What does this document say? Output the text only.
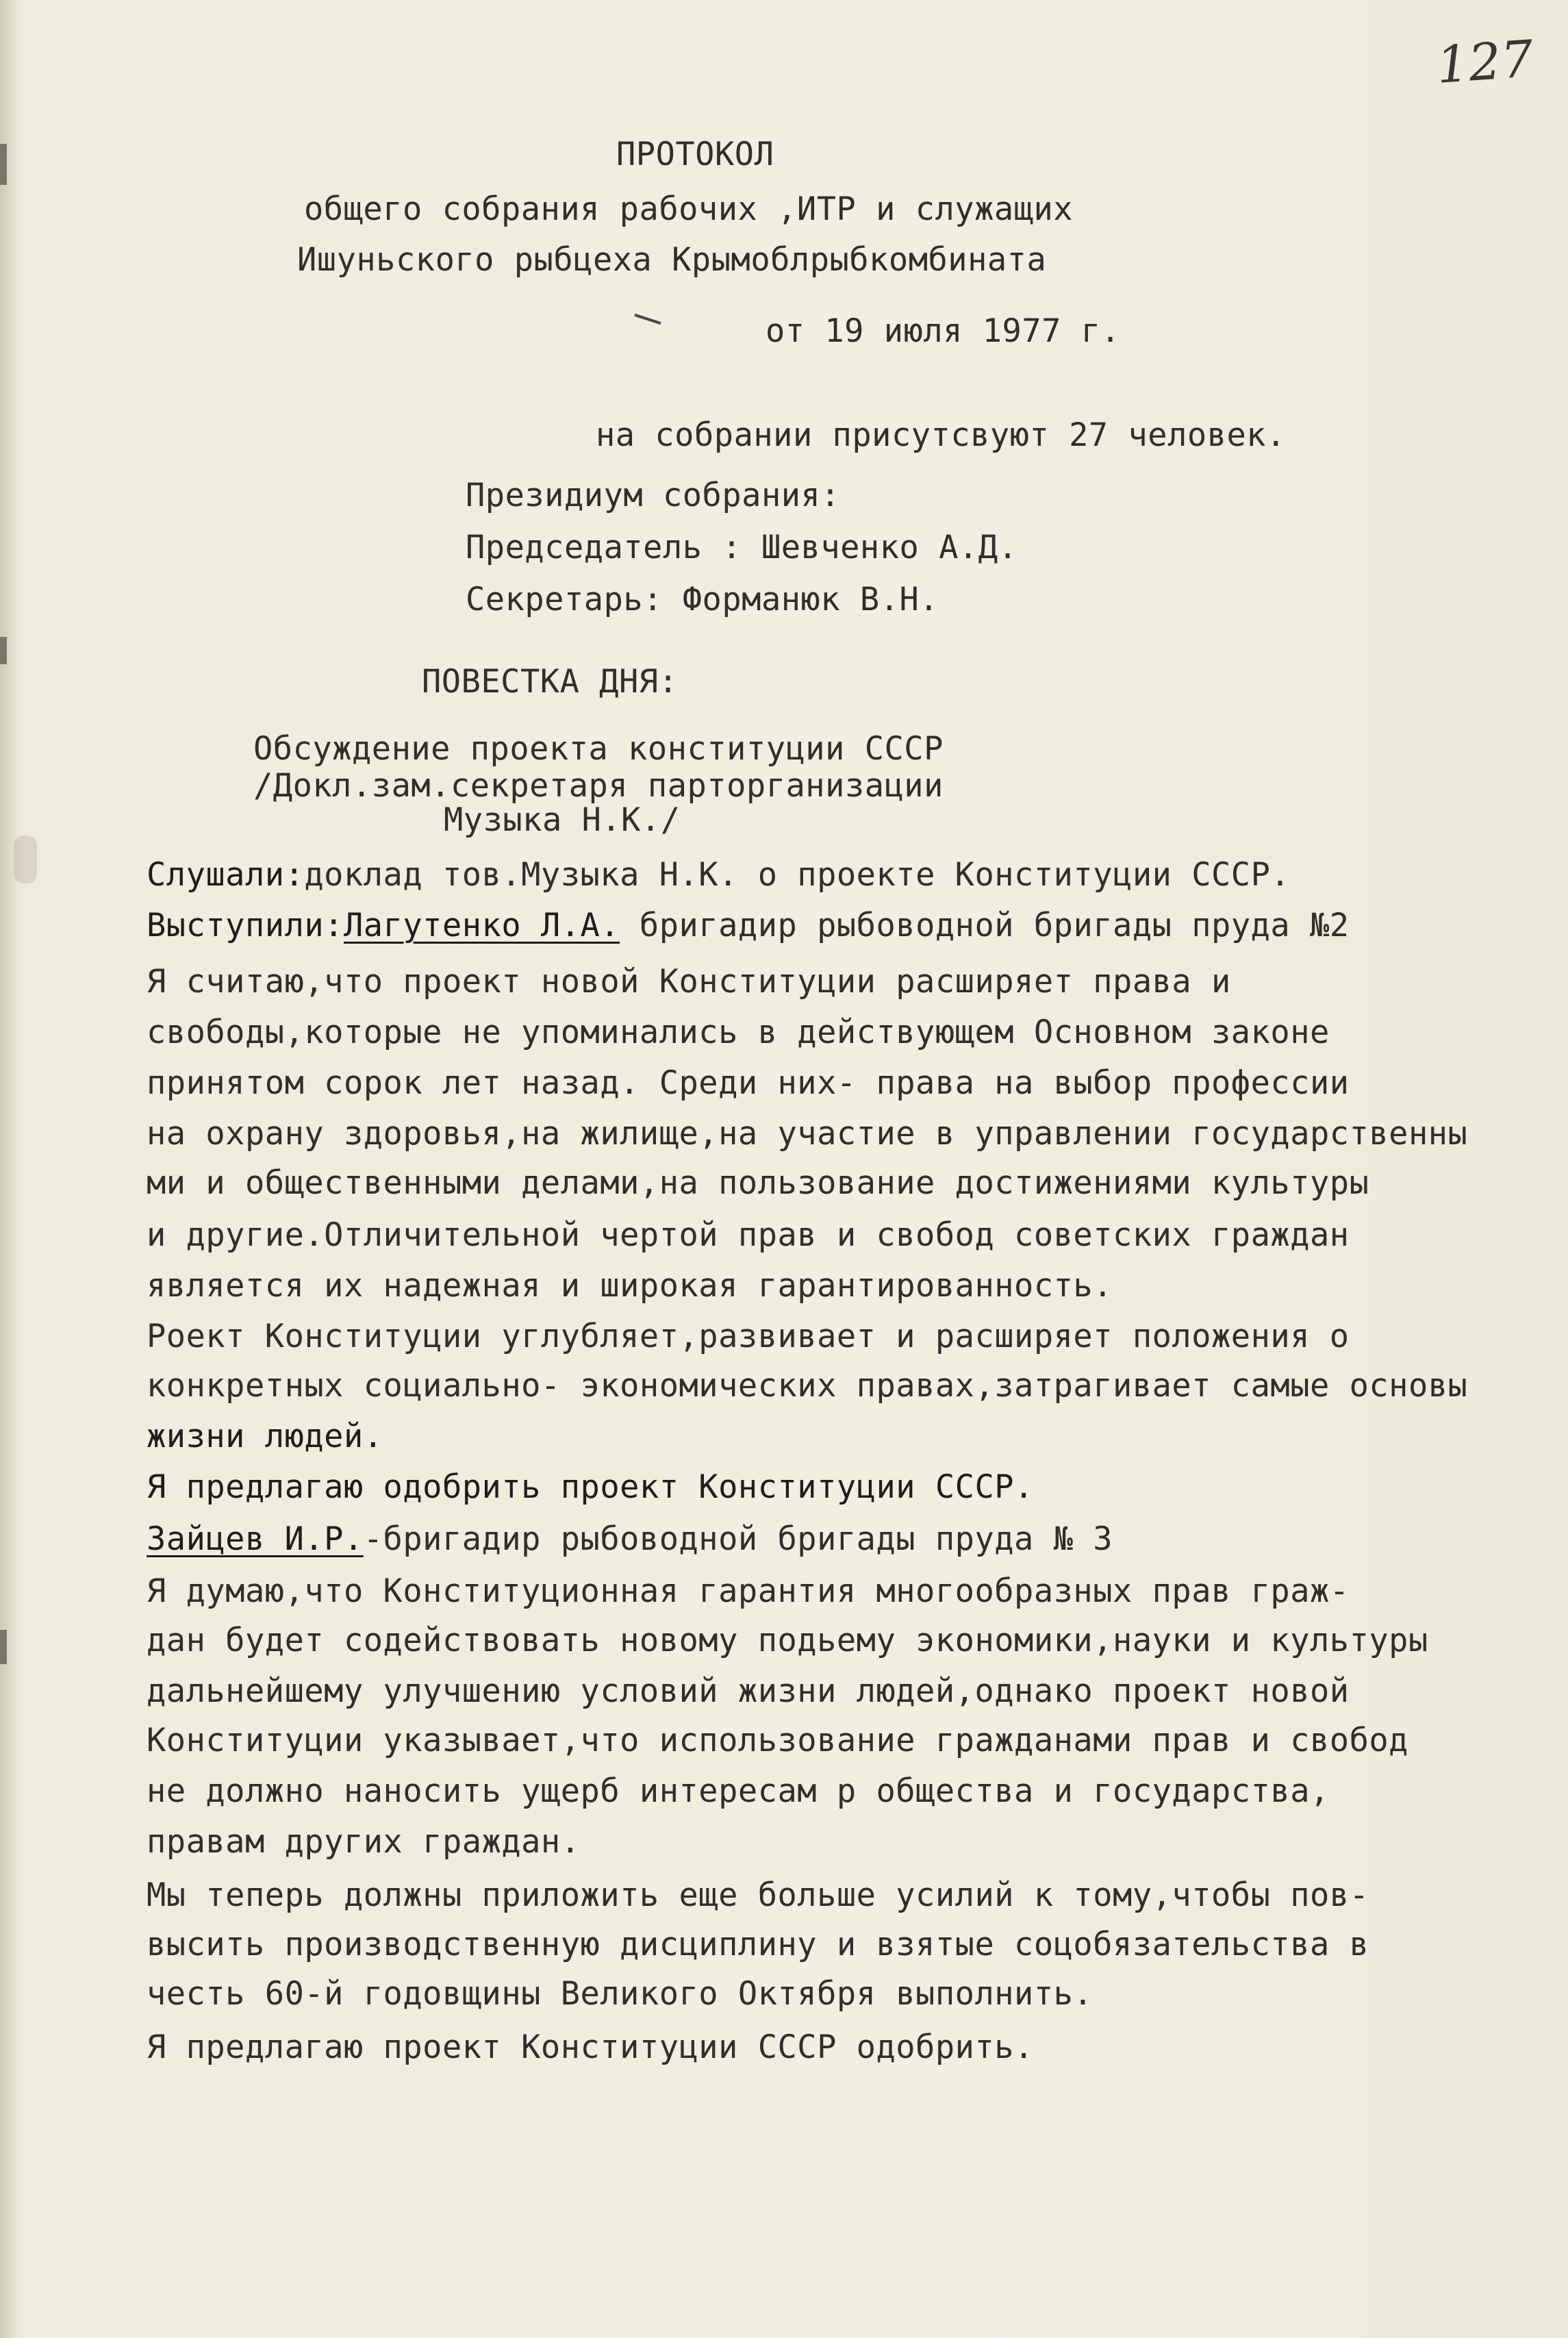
127
ПРОТОКОЛ
общего собрания рабочих ,ИТР и служащих
Ишуньского рыбцеха Крымоблрыбкомбината
от 19 июля 1977 г.
на собрании присутсвуют 27 человек.
Президиум собрания:
Председатель : Шевченко А.Д.
Секретарь: Форманюк В.Н.
ПОВЕСТКА ДНЯ:
Обсуждение проекта конституции СССР
/Докл.зам.секретаря парторганизации
Музыка Н.К./
Слушали:доклад тов.Музыка Н.К. о проекте Конституции СССР.
Выступили:Лагутенко Л.А. бригадир рыбоводной бригады пруда №2
Я считаю,что проект новой Конституции расширяет права и
свободы,которые не упоминались в действующем Основном законе
принятом сорок лет назад. Среди них- права на выбор профессии
на охрану здоровья,на жилище,на участие в управлении государственны
ми и общественными делами,на пользование достижениями культуры
и другие.Отличительной чертой прав и свобод советских граждан
является их надежная и широкая гарантированность.
Роект Конституции углубляет,развивает и расширяет положения о
конкретных социально- экономических правах,затрагивает самые основы
жизни людей.
Я предлагаю одобрить проект Конституции СССР.
Зайцев И.Р.-бригадир рыбоводной бригады пруда № 3
Я думаю,что Конституционная гарантия многообразных прав граж-
дан будет содействовать новому подьему экономики,науки и культуры
дальнейшему улучшению условий жизни людей,однако проект новой
Конституции указывает,что использование гражданами прав и свобод
не должно наносить ущерб интересам р общества и государства,
правам других граждан.
Мы теперь должны приложить еще больше усилий к тому,чтобы пов-
высить производственную дисциплину и взятые соцобязательства в
честь 60-й годовщины Великого Октября выполнить.
Я предлагаю проект Конституции СССР одобрить.
